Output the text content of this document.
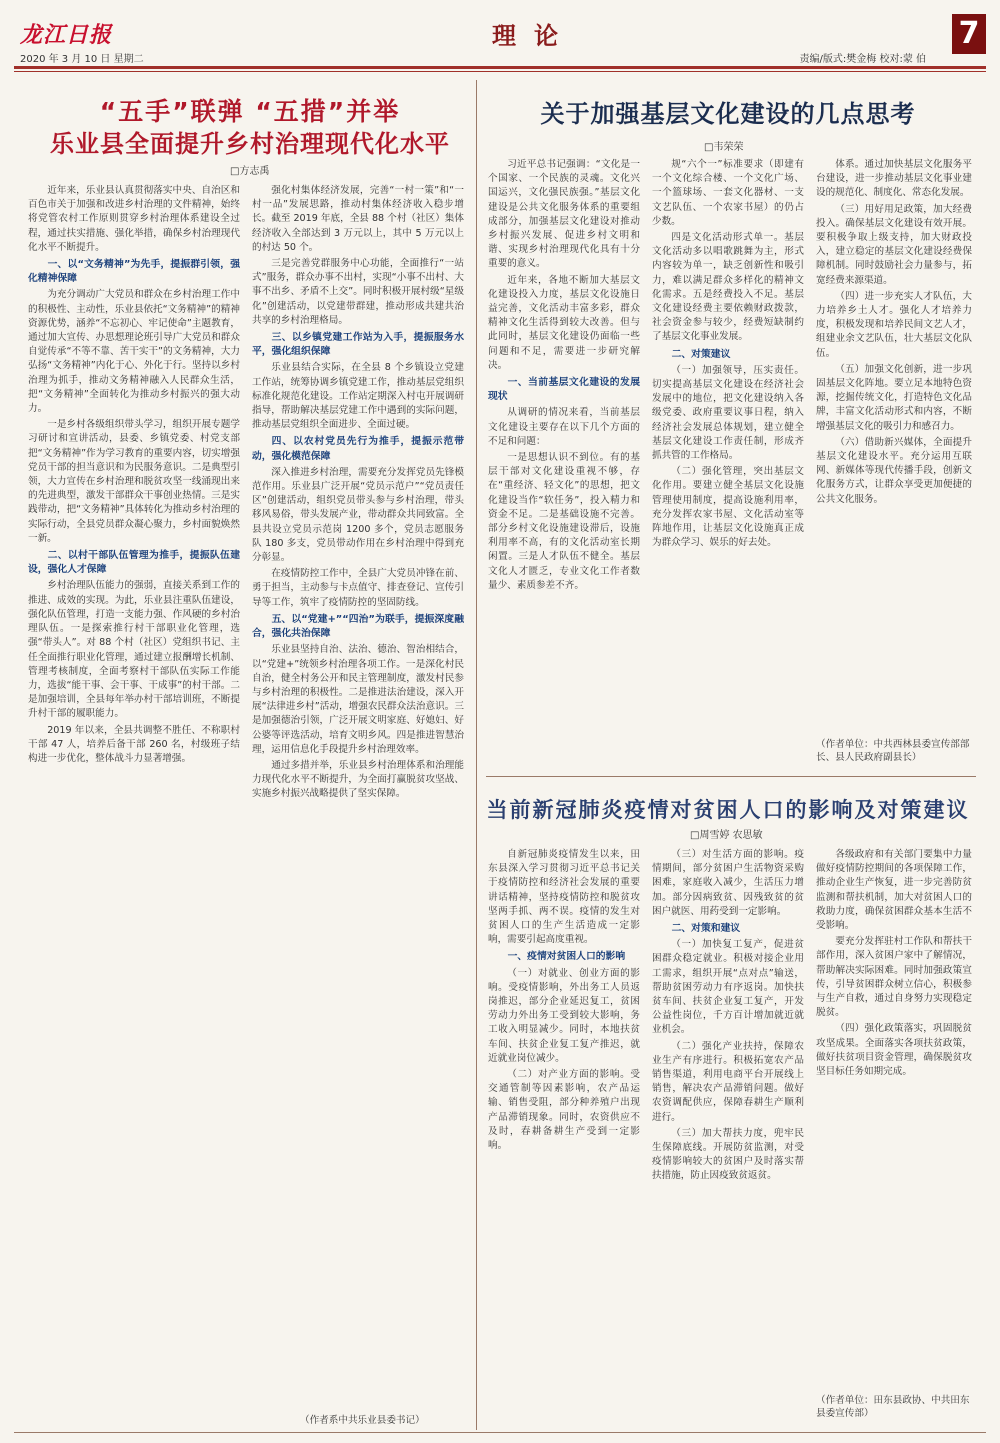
龙江日报
2020 年 3 月 10 日 星期二
理论
责编/版式:樊金梅 校对:蒙 伯
7
“五手”联弹 “五措”并举
乐业县全面提升乡村治理现代化水平
□方志禹

近年来，乐业县认真贯彻落实中央、自治区和百色市关于加强和改进乡村治理的文件精神，始终将党管农村工作原则贯穿乡村治理体系建设全过程，通过扶实措施、强化举措，确保乡村治理现代化水平不断提升。

一、以“文务精神”为先手，提振群引领，强化精神保障

为充分调动广大党员和群众在乡村治理工作中的积极性、主动性，乐业县依托“文务精神”的精神资源优势，涵养“不忘初心、牢记使命”主题教育，通过加大宣传、办思想理论班引导广大党员和群众自觉传承“不等不靠、苦干实干”的文务精神，大力弘扬“文务精神”内化于心、外化于行。坚持以乡村治理为抓手，推动文务精神融入人民群众生活，把“文务精神”全面转化为推动乡村振兴的强大动力。

一是乡村各级组织带头学习，组织开展专题学习研讨和宣讲活动，县委、乡镇党委、村党支部把“文务精神”作为学习教育的重要内容，切实增强党员干部的担当意识和为民服务意识。二是典型引领，大力宣传在乡村治理和脱贫攻坚一线涌现出来的先进典型，激发干部群众干事创业热情。三是实践带动，把“文务精神”具体转化为推动乡村治理的实际行动，全县党员群众凝心聚力，乡村面貌焕然一新。

二、以村干部队伍管理为推手，提振队伍建设，强化人才保障

乡村治理队伍能力的强弱，直接关系到工作的推进、成效的实现。为此，乐业县注重队伍建设，强化队伍管理，打造一支能力强、作风硬的乡村治理队伍。一是探索推行村干部职业化管理，选强“带头人”。对 88 个村（社区）党组织书记、主任全面推行职业化管理，通过建立报酬增长机制、管理考核制度，全面考察村干部队伍实际工作能力，选拔“能干事、会干事、干成事”的村干部。二是加强培训，全县每年举办村干部培训班，不断提升村干部的履职能力。

2019 年以来，全县共调整不胜任、不称职村干部 47 人，培养后备干部 260 名，村级班子结构进一步优化，整体战斗力显著增强。

强化村集体经济发展，完善“一村一策”和“一村一品”发展思路，推动村集体经济收入稳步增长。截至 2019 年底，全县 88 个村（社区）集体经济收入全部达到 3 万元以上，其中 5 万元以上的村达 50 个。

三是完善党群服务中心功能，全面推行“一站式”服务，群众办事不出村，实现“小事不出村、大事不出乡、矛盾不上交”。同时积极开展村级“星级化”创建活动，以党建带群建，推动形成共建共治共享的乡村治理格局。

三、以乡镇党建工作站为入手，提振服务水平，强化组织保障

乐业县结合实际，在全县 8 个乡镇设立党建工作站，统筹协调乡镇党建工作，推动基层党组织标准化规范化建设。工作站定期深入村屯开展调研指导，帮助解决基层党建工作中遇到的实际问题，推动基层党组织全面进步、全面过硬。

四、以农村党员先行为推手，提振示范带动，强化模范保障

深入推进乡村治理，需要充分发挥党员先锋模范作用。乐业县广泛开展“党员示范户”“党员责任区”创建活动，组织党员带头参与乡村治理，带头移风易俗，带头发展产业，带动群众共同致富。全县共设立党员示范岗 1200 多个，党员志愿服务队 180 多支，党员带动作用在乡村治理中得到充分彰显。

在疫情防控工作中，全县广大党员冲锋在前、勇于担当，主动参与卡点值守、排查登记、宣传引导等工作，筑牢了疫情防控的坚固防线。

五、以“党建+”“四治”为联手，提振深度融合，强化共治保障

乐业县坚持自治、法治、德治、智治相结合，以“党建+”统领乡村治理各项工作。一是深化村民自治，健全村务公开和民主管理制度，激发村民参与乡村治理的积极性。二是推进法治建设，深入开展“法律进乡村”活动，增强农民群众法治意识。三是加强德治引领，广泛开展文明家庭、好媳妇、好公婆等评选活动，培育文明乡风。四是推进智慧治理，运用信息化手段提升乡村治理效率。

通过多措并举，乐业县乡村治理体系和治理能力现代化水平不断提升，为全面打赢脱贫攻坚战、实施乡村振兴战略提供了坚实保障。

（作者系中共乐业县委书记）
关于加强基层文化建设的几点思考
□韦荣荣

习近平总书记强调：“文化是一个国家、一个民族的灵魂。文化兴国运兴，文化强民族强。”基层文化建设是公共文化服务体系的重要组成部分，加强基层文化建设对推动乡村振兴发展、促进乡村文明和谐、实现乡村治理现代化具有十分重要的意义。

近年来，各地不断加大基层文化建设投入力度，基层文化设施日益完善，文化活动丰富多彩，群众精神文化生活得到较大改善。但与此同时，基层文化建设仍面临一些问题和不足，需要进一步研究解决。

一、当前基层文化建设的发展现状

从调研的情况来看，当前基层文化建设主要存在以下几个方面的不足和问题：

一是思想认识不到位。有的基层干部对文化建设重视不够，存在“重经济、轻文化”的思想，把文化建设当作“软任务”，投入精力和资金不足。二是基础设施不完善。部分乡村文化设施建设滞后，设施利用率不高，有的文化活动室长期闲置。三是人才队伍不健全。基层文化人才匮乏，专业文化工作者数量少、素质参差不齐。

规“六个一”标准要求（即建有一个文化综合楼、一个文化广场、一个篮球场、一套文化器材、一支文艺队伍、一个农家书屋）的仍占少数。

四是文化活动形式单一。基层文化活动多以唱歌跳舞为主，形式内容较为单一，缺乏创新性和吸引力，难以满足群众多样化的精神文化需求。五是经费投入不足。基层文化建设经费主要依赖财政拨款，社会资金参与较少，经费短缺制约了基层文化事业发展。

二、对策建议

（一）加强领导，压实责任。切实提高基层文化建设在经济社会发展中的地位，把文化建设纳入各级党委、政府重要议事日程，纳入经济社会发展总体规划，建立健全基层文化建设工作责任制，形成齐抓共管的工作格局。

（二）强化管理，突出基层文化作用。要建立健全基层文化设施管理使用制度，提高设施利用率，充分发挥农家书屋、文化活动室等阵地作用，让基层文化设施真正成为群众学习、娱乐的好去处。

体系。通过加快基层文化服务平台建设，进一步推动基层文化事业建设的规范化、制度化、常态化发展。

（三）用好用足政策，加大经费投入。确保基层文化建设有效开展。要积极争取上级支持，加大财政投入，建立稳定的基层文化建设经费保障机制。同时鼓励社会力量参与，拓宽经费来源渠道。

（四）进一步充实人才队伍，大力培养乡土人才。强化人才培养力度，积极发现和培养民间文艺人才，组建业余文艺队伍，壮大基层文化队伍。

（五）加强文化创新，进一步巩固基层文化阵地。要立足本地特色资源，挖掘传统文化，打造特色文化品牌，丰富文化活动形式和内容，不断增强基层文化的吸引力和感召力。

（六）借助新兴媒体，全面提升基层文化建设水平。充分运用互联网、新媒体等现代传播手段，创新文化服务方式，让群众享受更加便捷的公共文化服务。

（作者单位：中共西林县委宣传部部长、县人民政府副县长）
当前新冠肺炎疫情对贫困人口的影响及对策建议
□周雪婷 农思敏

自新冠肺炎疫情发生以来，田东县深入学习贯彻习近平总书记关于疫情防控和经济社会发展的重要讲话精神，坚持疫情防控和脱贫攻坚两手抓、两不误。疫情的发生对贫困人口的生产生活造成一定影响，需要引起高度重视。

一、疫情对贫困人口的影响

（一）对就业、创业方面的影响。受疫情影响，外出务工人员返岗推迟，部分企业延迟复工，贫困劳动力外出务工受到较大影响，务工收入明显减少。同时，本地扶贫车间、扶贫企业复工复产推迟，就近就业岗位减少。

（二）对产业方面的影响。受交通管制等因素影响，农产品运输、销售受阻，部分种养殖户出现产品滞销现象。同时，农资供应不及时，春耕备耕生产受到一定影响。

（三）对生活方面的影响。疫情期间，部分贫困户生活物资采购困难，家庭收入减少，生活压力增加。部分因病致贫、因残致贫的贫困户就医、用药受到一定影响。

二、对策和建议

（一）加快复工复产，促进贫困群众稳定就业。积极对接企业用工需求，组织开展“点对点”输送，帮助贫困劳动力有序返岗。加快扶贫车间、扶贫企业复工复产，开发公益性岗位，千方百计增加就近就业机会。

（二）强化产业扶持，保障农业生产有序进行。积极拓宽农产品销售渠道，利用电商平台开展线上销售，解决农产品滞销问题。做好农资调配供应，保障春耕生产顺利进行。

（三）加大帮扶力度，兜牢民生保障底线。开展防贫监测，对受疫情影响较大的贫困户及时落实帮扶措施，防止因疫致贫返贫。

各级政府和有关部门要集中力量做好疫情防控期间的各项保障工作，推动企业生产恢复，进一步完善防贫监测和帮扶机制，加大对贫困人口的救助力度，确保贫困群众基本生活不受影响。

要充分发挥驻村工作队和帮扶干部作用，深入贫困户家中了解情况，帮助解决实际困难。同时加强政策宣传，引导贫困群众树立信心，积极参与生产自救，通过自身努力实现稳定脱贫。

（四）强化政策落实，巩固脱贫攻坚成果。全面落实各项扶贫政策，做好扶贫项目资金管理，确保脱贫攻坚目标任务如期完成。

（作者单位：田东县政协、中共田东县委宣传部）
